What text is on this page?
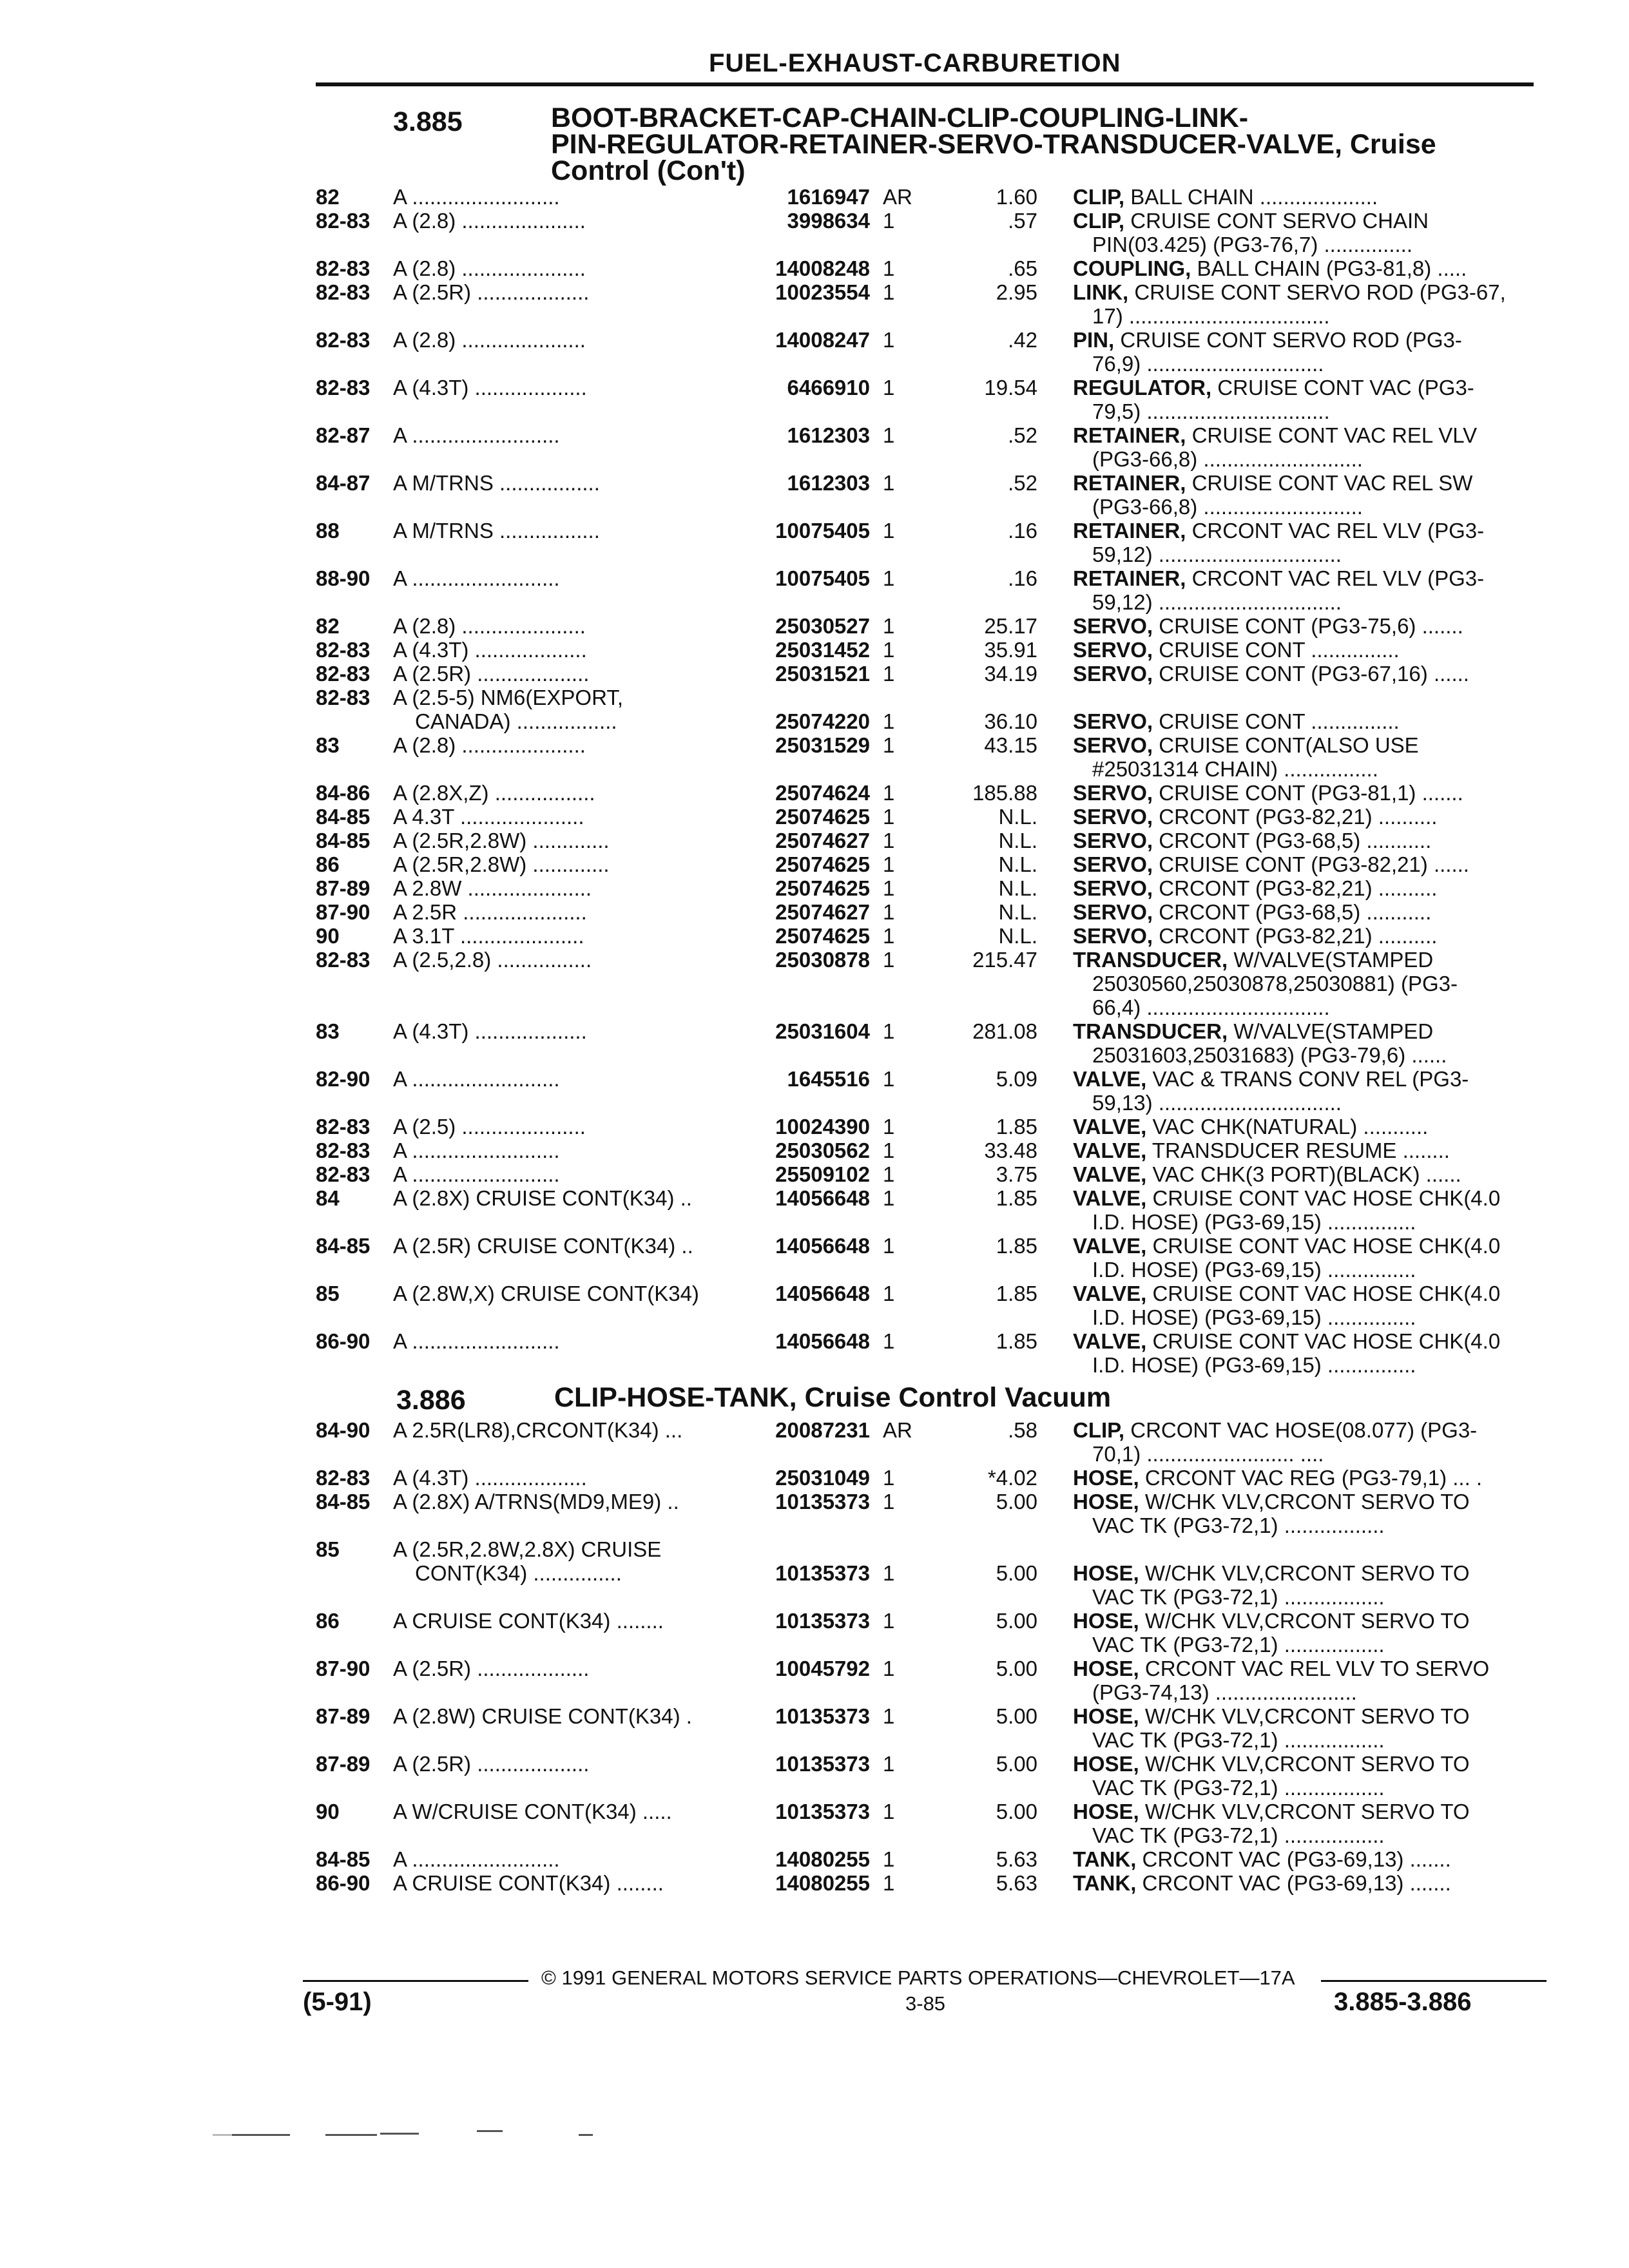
FUEL-EXHAUST-CARBURETION
3.885	BOOT-BRACKET-CAP-CHAIN-CLIP-COUPLING-LINK-
PIN-REGULATOR-RETAINER-SERVO-TRANSDUCER-VALVE, Cruise
Control (Con't)
82	A .........................	1616947 AR	1.60 CLIP, BALL CHAIN ....................
82-83 A (2.8) .....................	3998634 1	.57 CLIP, CRUISE CONT SERVO CHAIN
PIN(03.425) (PG3-76,7) ...............
82-83 A (2.8) .....................	14008248 1	.65 COUPLING, BALL CHAIN (PG3-81,8) .....
82-83 A (2.5R) ...................	10023554 1	2.95 LINK, CRUISE CONT SERVO ROD (PG3-67,
17) ..................................
82-83 A (2.8) .....................	14008247 1	.42 PIN, CRUISE CONT SERVO ROD (PG3-
76,9) ..............................
82-83 A (4.3T) ...................	6466910 1	19.54 REGULATOR, CRUISE CONT VAC (PG3-
79,5) ...............................
82-87 A .........................	1612303 1	.52 RETAINER, CRUISE CONT VAC REL VLV
(PG3-66,8) ...........................
84-87 A M/TRNS .................	1612303 1	.52 RETAINER, CRUISE CONT VAC REL SW
(PG3-66,8) ...........................
88	A M/TRNS .................	10075405 1	.16 RETAINER, CRCONT VAC REL VLV (PG3-
59,12) ...............................
88-90 A .........................	10075405 1	.16 RETAINER, CRCONT VAC REL VLV (PG3-
59,12) ...............................
82	A (2.8) .....................	25030527 1	25.17 SERVO, CRUISE CONT (PG3-75,6) .......
82-83 A (4.3T) ...................	25031452 1	35.91 SERVO, CRUISE CONT ...............
82-83 A (2.5R) ...................	25031521 1	34.19 SERVO, CRUISE CONT (PG3-67,16) ......
82-83 A (2.5-5) NM6(EXPORT,
CANADA) .................	25074220 1	36.10 SERVO, CRUISE CONT ...............
83	A (2.8) .....................	25031529 1	43.15 SERVO, CRUISE CONT(ALSO USE
#25031314 CHAIN) ................
84-86 A (2.8X,Z) .................	25074624 1	185.88 SERVO, CRUISE CONT (PG3-81,1) .......
84-85 A 4.3T .....................	25074625 1	N.L. SERVO, CRCONT (PG3-82,21) ..........
84-85 A (2.5R,2.8W) .............	25074627 1	N.L. SERVO, CRCONT (PG3-68,5) ...........
86	A (2.5R,2.8W) .............	25074625 1	N.L. SERVO, CRUISE CONT (PG3-82,21) ......
87-89 A 2.8W .....................	25074625 1	N.L. SERVO, CRCONT (PG3-82,21) ..........
87-90 A 2.5R .....................	25074627 1	N.L. SERVO, CRCONT (PG3-68,5) ...........
90	A 3.1T .....................	25074625 1	N.L. SERVO, CRCONT (PG3-82,21) ..........
82-83 A (2.5,2.8) ................	25030878 1	215.47 TRANSDUCER, W/VALVE(STAMPED
25030560,25030878,25030881) (PG3-
66,4) ...............................
83	A (4.3T) ...................	25031604 1	281.08 TRANSDUCER, W/VALVE(STAMPED
25031603,25031683) (PG3-79,6) ......
82-90 A .........................	1645516 1	5.09 VALVE, VAC & TRANS CONV REL (PG3-
59,13) ...............................
82-83 A (2.5) .....................	10024390 1	1.85 VALVE, VAC CHK(NATURAL) ...........
82-83 A .........................	25030562 1	33.48 VALVE, TRANSDUCER RESUME ........
82-83 A .........................	25509102 1	3.75 VALVE, VAC CHK(3 PORT)(BLACK) ......
84	A (2.8X) CRUISE CONT(K34) ..	14056648 1	1.85 VALVE, CRUISE CONT VAC HOSE CHK(4.0
I.D. HOSE) (PG3-69,15) ...............
84-85 A (2.5R) CRUISE CONT(K34) ..	14056648 1	1.85 VALVE, CRUISE CONT VAC HOSE CHK(4.0
I.D. HOSE) (PG3-69,15) ...............
85	A (2.8W,X) CRUISE CONT(K34)	14056648 1	1.85 VALVE, CRUISE CONT VAC HOSE CHK(4.0
I.D. HOSE) (PG3-69,15) ...............
86-90 A .........................	14056648 1	1.85 VALVE, CRUISE CONT VAC HOSE CHK(4.0
I.D. HOSE) (PG3-69,15) ...............
3.886	CLIP-HOSE-TANK, Cruise Control Vacuum
84-90 A 2.5R(LR8),CRCONT(K34) ...	20087231 AR	.58 CLIP, CRCONT VAC HOSE(08.077) (PG3-
70,1) ......................... ....
82-83 A (4.3T) ...................	25031049 1	*4.02 HOSE, CRCONT VAC REG (PG3-79,1) ... .
84-85 A (2.8X) A/TRNS(MD9,ME9) ..	10135373 1	5.00 HOSE, W/CHK VLV,CRCONT SERVO TO
VAC TK (PG3-72,1) .................
85	A (2.5R,2.8W,2.8X) CRUISE
CONT(K34) ...............	10135373 1	5.00 HOSE, W/CHK VLV,CRCONT SERVO TO
VAC TK (PG3-72,1) .................
86	A CRUISE CONT(K34) ........	10135373 1	5.00 HOSE, W/CHK VLV,CRCONT SERVO TO
VAC TK (PG3-72,1) .................
87-90 A (2.5R) ...................	10045792 1	5.00 HOSE, CRCONT VAC REL VLV TO SERVO
(PG3-74,13) ........................
87-89 A (2.8W) CRUISE CONT(K34) .	10135373 1	5.00 HOSE, W/CHK VLV,CRCONT SERVO TO
VAC TK (PG3-72,1) .................
87-89 A (2.5R) ...................	10135373 1	5.00 HOSE, W/CHK VLV,CRCONT SERVO TO
VAC TK (PG3-72,1) .................
90	A W/CRUISE CONT(K34) .....	10135373 1	5.00 HOSE, W/CHK VLV,CRCONT SERVO TO
VAC TK (PG3-72,1) .................
84-85 A .........................	14080255 1	5.63 TANK, CRCONT VAC (PG3-69,13) .......
86-90 A CRUISE CONT(K34) ........	14080255 1	5.63 TANK, CRCONT VAC (PG3-69,13) .......
© 1991 GENERAL MOTORS SERVICE PARTS OPERATIONS—CHEVROLET—17A
(5-91)	3-85	3.885-3.886
